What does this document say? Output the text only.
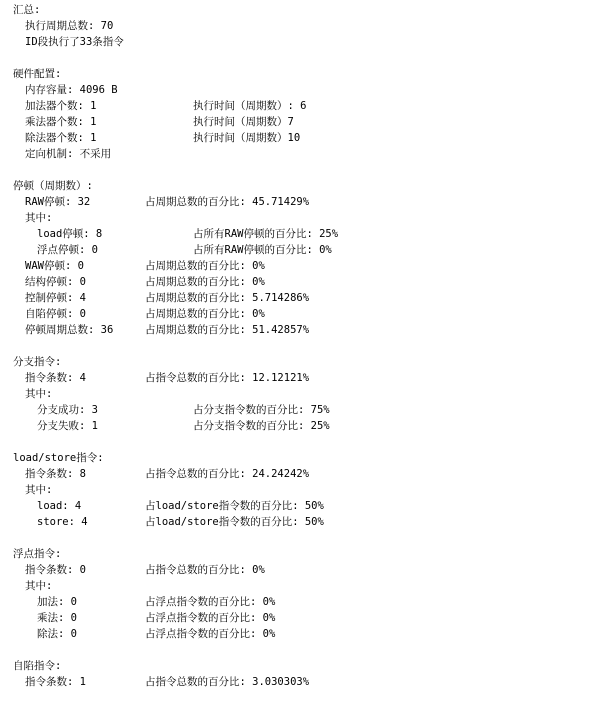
汇总:
执行周期总数: 70
ID段执行了33条指令
硬件配置:
内存容量: 4096 B
加法器个数: 1	执行时间（周期数）: 6
乘法器个数: 1	执行时间（周期数）7
除法器个数: 1	执行时间（周期数）10
定向机制: 不采用
停顿（周期数）:
RAW停顿: 32	占周期总数的百分比: 45.71429%
其中:
load停顿: 8	占所有RAW停顿的百分比: 25%
浮点停顿: 0	占所有RAW停顿的百分比: 0%
WAW停顿: 0	占周期总数的百分比: 0%
结构停顿: 0	占周期总数的百分比: 0%
控制停顿: 4	占周期总数的百分比: 5.714286%
自陷停顿: 0	占周期总数的百分比: 0%
停顿周期总数: 36	占周期总数的百分比: 51.42857%
分支指令:
指令条数: 4	占指令总数的百分比: 12.12121%
其中:
分支成功: 3	占分支指令数的百分比: 75%
分支失败: 1	占分支指令数的百分比: 25%
load/store指令:
指令条数: 8	占指令总数的百分比: 24.24242%
其中:
load: 4	占load/store指令数的百分比: 50%
store: 4	占load/store指令数的百分比: 50%
浮点指令:
指令条数: 0	占指令总数的百分比: 0%
其中:
加法: 0	占浮点指令数的百分比: 0%
乘法: 0	占浮点指令数的百分比: 0%
除法: 0	占浮点指令数的百分比: 0%
自陷指令:
指令条数: 1	占指令总数的百分比: 3.030303%
